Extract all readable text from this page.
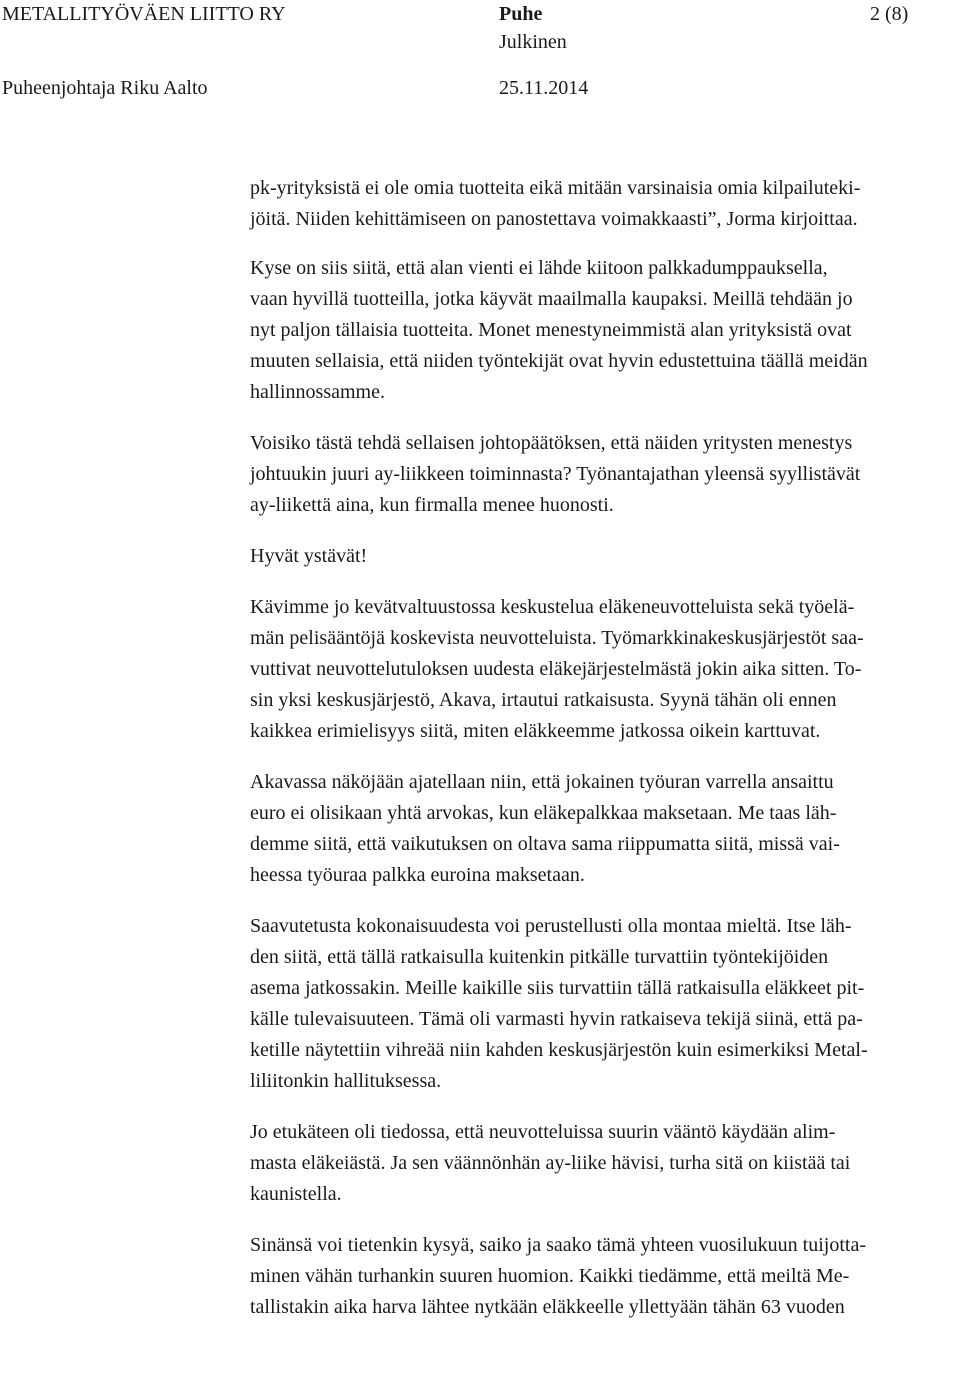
METALLITYÖVÄEN LIITTO RY	Puhe	2 (8)
Julkinen
Puheenjohtaja Riku Aalto	25.11.2014

pk-yrityksistä ei ole omia tuotteita eikä mitään varsinaisia omia kilpailuteki-
jöitä. Niiden kehittämiseen on panostettava voimakkaasti”, Jorma kirjoittaa.

Kyse on siis siitä, että alan vienti ei lähde kiitoon palkkadumppauksella,
vaan hyvillä tuotteilla, jotka käyvät maailmalla kaupaksi. Meillä tehdään jo
nyt paljon tällaisia tuotteita. Monet menestyneimmistä alan yrityksistä ovat
muuten sellaisia, että niiden työntekijät ovat hyvin edustettuina täällä meidän
hallinnossamme.

Voisiko tästä tehdä sellaisen johtopäätöksen, että näiden yritysten menestys
johtuukin juuri ay-liikkeen toiminnasta? Työnantajathan yleensä syyllistävät
ay-liikettä aina, kun firmalla menee huonosti.

Hyvät ystävät!

Kävimme jo kevätvaltuustossa keskustelua eläkeneuvotteluista sekä työelä-
män pelisääntöjä koskevista neuvotteluista. Työmarkkinakeskusjärjestöt saa-
vuttivat neuvottelutuloksen uudesta eläkejärjestelmästä jokin aika sitten. To-
sin yksi keskusjärjestö, Akava, irtautui ratkaisusta. Syynä tähän oli ennen
kaikkea erimielisyys siitä, miten eläkkeemme jatkossa oikein karttuvat.

Akavassa näköjään ajatellaan niin, että jokainen työuran varrella ansaittu
euro ei olisikaan yhtä arvokas, kun eläkepalkkaa maksetaan. Me taas läh-
demme siitä, että vaikutuksen on oltava sama riippumatta siitä, missä vai-
heessa työuraa palkka euroina maksetaan.

Saavutetusta kokonaisuudesta voi perustellusti olla montaa mieltä. Itse läh-
den siitä, että tällä ratkaisulla kuitenkin pitkälle turvattiin työntekijöiden
asema jatkossakin. Meille kaikille siis turvattiin tällä ratkaisulla eläkkeet pit-
källe tulevaisuuteen. Tämä oli varmasti hyvin ratkaiseva tekijä siinä, että pa-
ketille näytettiin vihreää niin kahden keskusjärjestön kuin esimerkiksi Metal-
liliitonkin hallituksessa.

Jo etukäteen oli tiedossa, että neuvotteluissa suurin vääntö käydään alim-
masta eläkeiästä. Ja sen väännönhän ay-liike hävisi, turha sitä on kiistää tai
kaunistella.

Sinänsä voi tietenkin kysyä, saiko ja saako tämä yhteen vuosilukuun tuijotta-
minen vähän turhankin suuren huomion. Kaikki tiedämme, että meiltä Me-
tallistakin aika harva lähtee nytkään eläkkeelle yllettyään tähän 63 vuoden
